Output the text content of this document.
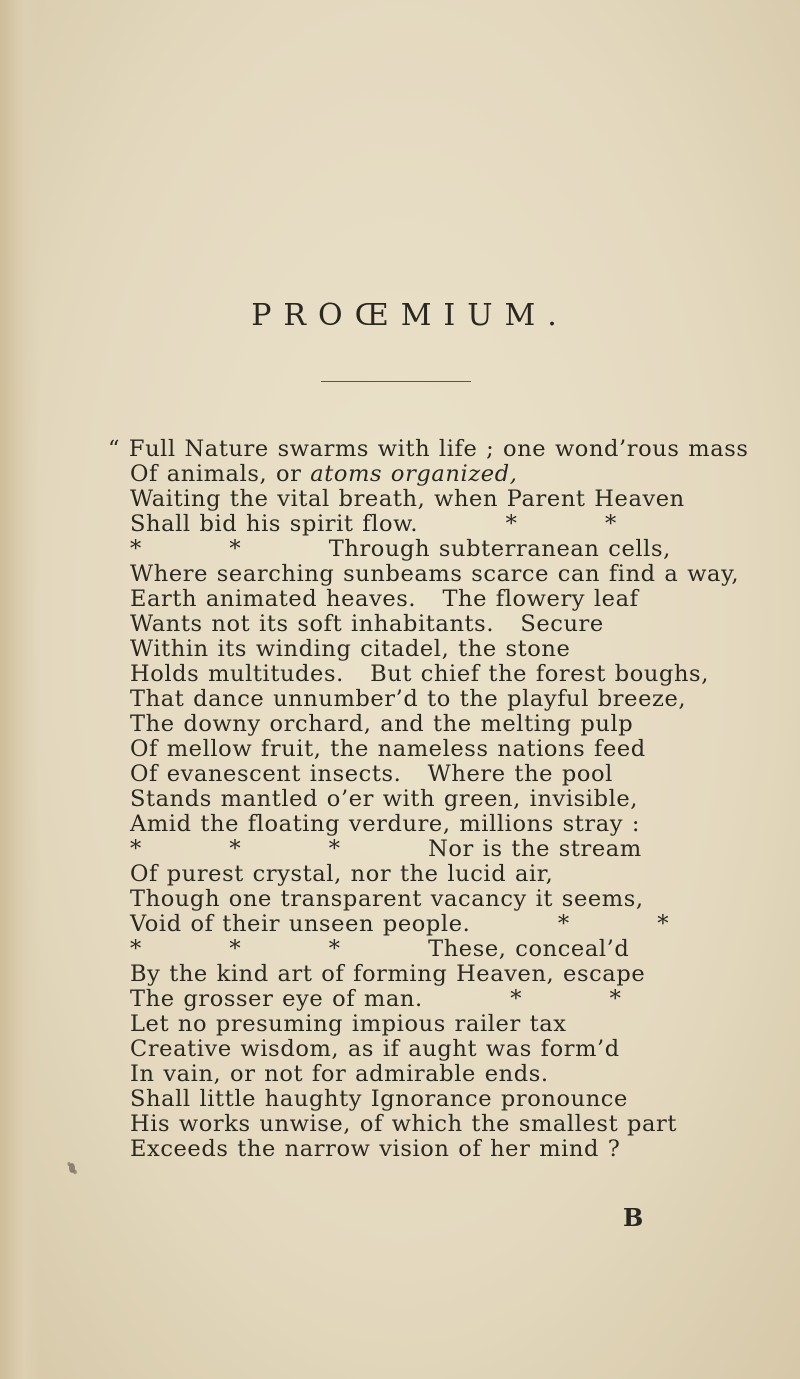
PROŒMIUM.
“ Full Nature swarms with life ; one wond’rous mass
Of animals, or atoms organized,
Waiting the vital breath, when Parent Heaven
Shall bid his spirit flow.          *          *
*          *          Through subterranean cells,
Where searching sunbeams scarce can find a way,
Earth animated heaves.   The flowery leaf
Wants not its soft inhabitants.   Secure
Within its winding citadel, the stone
Holds multitudes.   But chief the forest boughs,
That dance unnumber’d to the playful breeze,
The downy orchard, and the melting pulp
Of mellow fruit, the nameless nations feed
Of evanescent insects.   Where the pool
Stands mantled o’er with green, invisible,
Amid the floating verdure, millions stray :
*          *          *          Nor is the stream
Of purest crystal, nor the lucid air,
Though one transparent vacancy it seems,
Void of their unseen people.          *          *
*          *          *          These, conceal’d
By the kind art of forming Heaven, escape
The grosser eye of man.          *          *
Let no presuming impious railer tax
Creative wisdom, as if aught was form’d
In vain, or not for admirable ends.
Shall little haughty Ignorance pronounce
His works unwise, of which the smallest part
Exceeds the narrow vision of her mind ?
B
